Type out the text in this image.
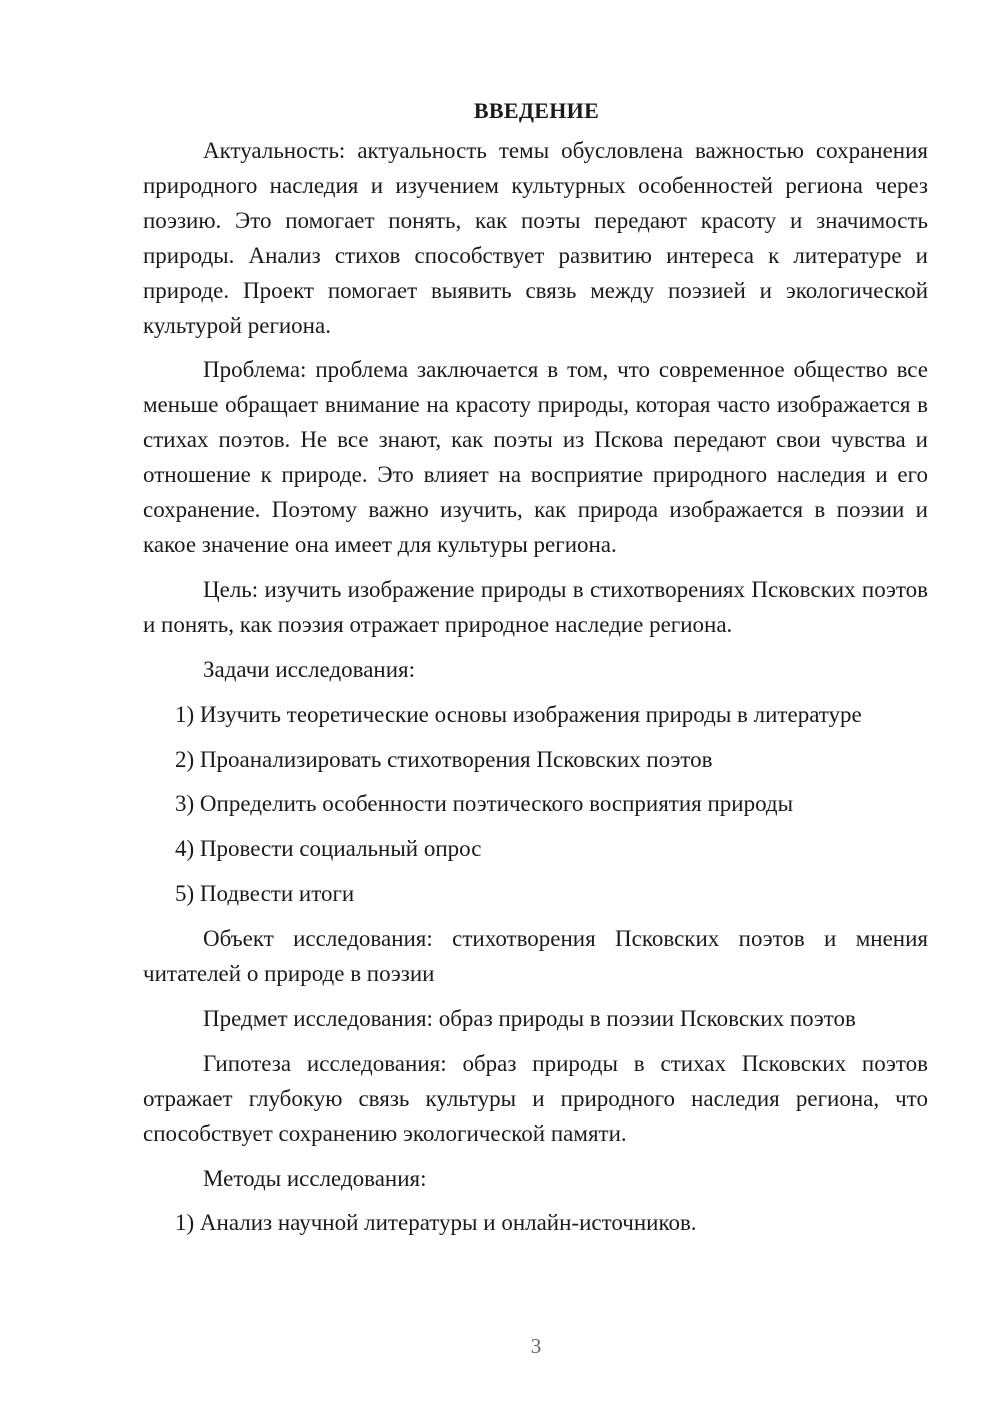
ВВЕДЕНИЕ

Актуальность: актуальность темы обусловлена важностью сохранения природного наследия и изучением культурных особенностей региона через поэзию. Это помогает понять, как поэты передают красоту и значимость природы. Анализ стихов способствует развитию интереса к литературе и природе. Проект помогает выявить связь между поэзией и экологической культурой региона.

Проблема: проблема заключается в том, что современное общество все меньше обращает внимание на красоту природы, которая часто изображается в стихах поэтов. Не все знают, как поэты из Пскова передают свои чувства и отношение к природе. Это влияет на восприятие природного наследия и его сохранение. Поэтому важно изучить, как природа изображается в поэзии и какое значение она имеет для культуры региона.

Цель: изучить изображение природы в стихотворениях Псковских поэтов и понять, как поэзия отражает природное наследие региона.

Задачи исследования:

1) Изучить теоретические основы изображения природы в литературе

2) Проанализировать стихотворения Псковских поэтов

3) Определить особенности поэтического восприятия природы

4) Провести социальный опрос

5) Подвести итоги

Объект исследования: стихотворения Псковских поэтов и мнения читателей о природе в поэзии

Предмет исследования: образ природы в поэзии Псковских поэтов

Гипотеза исследования: образ природы в стихах Псковских поэтов отражает глубокую связь культуры и природного наследия региона, что способствует сохранению экологической памяти.

Методы исследования:

1) Анализ научной литературы и онлайн-источников.

3
